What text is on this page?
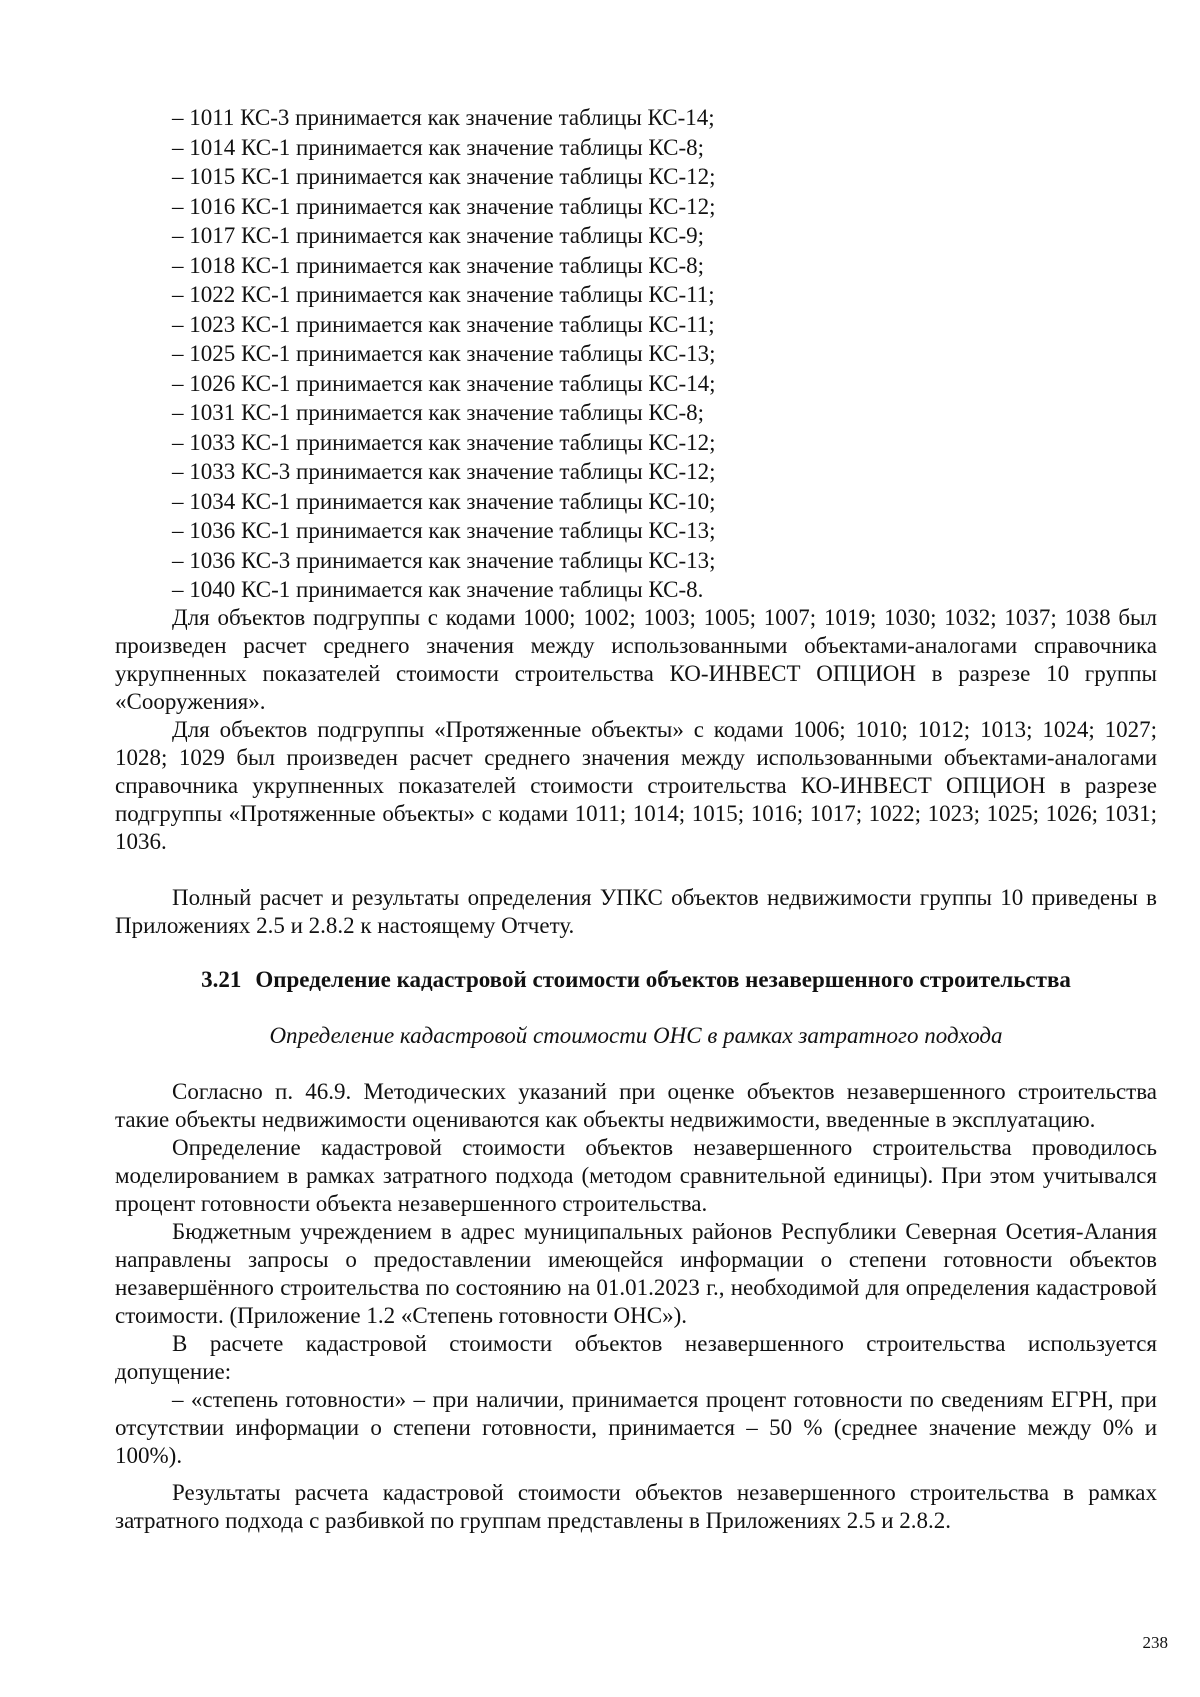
– 1011 КС-3 принимается как значение таблицы КС-14;
– 1014 КС-1 принимается как значение таблицы КС-8;
– 1015 КС-1 принимается как значение таблицы КС-12;
– 1016 КС-1 принимается как значение таблицы КС-12;
– 1017 КС-1 принимается как значение таблицы КС-9;
– 1018 КС-1 принимается как значение таблицы КС-8;
– 1022 КС-1 принимается как значение таблицы КС-11;
– 1023 КС-1 принимается как значение таблицы КС-11;
– 1025 КС-1 принимается как значение таблицы КС-13;
– 1026 КС-1 принимается как значение таблицы КС-14;
– 1031 КС-1 принимается как значение таблицы КС-8;
– 1033 КС-1 принимается как значение таблицы КС-12;
– 1033 КС-3 принимается как значение таблицы КС-12;
– 1034 КС-1 принимается как значение таблицы КС-10;
– 1036 КС-1 принимается как значение таблицы КС-13;
– 1036 КС-3 принимается как значение таблицы КС-13;
– 1040 КС-1 принимается как значение таблицы КС-8.

Для объектов подгруппы с кодами 1000; 1002; 1003; 1005; 1007; 1019; 1030; 1032; 1037; 1038 был произведен расчет среднего значения между использованными объектами-аналогами справочника укрупненных показателей стоимости строительства КО-ИНВЕСТ ОПЦИОН в разрезе 10 группы «Сооружения».

Для объектов подгруппы «Протяженные объекты» с кодами 1006; 1010; 1012; 1013; 1024; 1027; 1028; 1029 был произведен расчет среднего значения между использованными объектами-аналогами справочника укрупненных показателей стоимости строительства КО-ИНВЕСТ ОПЦИОН в разрезе подгруппы «Протяженные объекты» с кодами 1011; 1014; 1015; 1016; 1017; 1022; 1023; 1025; 1026; 1031; 1036.

Полный расчет и результаты определения УПКС объектов недвижимости группы 10 приведены в Приложениях 2.5 и 2.8.2 к настоящему Отчету.

3.21 Определение кадастровой стоимости объектов незавершенного строительства
Определение кадастровой стоимости ОНС в рамках затратного подхода

Согласно п. 46.9. Методических указаний при оценке объектов незавершенного строительства такие объекты недвижимости оцениваются как объекты недвижимости, введенные в эксплуатацию.

Определение кадастровой стоимости объектов незавершенного строительства проводилось моделированием в рамках затратного подхода (методом сравнительной единицы). При этом учитывался процент готовности объекта незавершенного строительства.

Бюджетным учреждением в адрес муниципальных районов Республики Северная Осетия-Алания направлены запросы о предоставлении имеющейся информации о степени готовности объектов незавершённого строительства по состоянию на 01.01.2023 г., необходимой для определения кадастровой стоимости. (Приложение 1.2 «Степень готовности ОНС»).

В расчете кадастровой стоимости объектов незавершенного строительства используется допущение:

– «степень готовности» – при наличии, принимается процент готовности по сведениям ЕГРН, при отсутствии информации о степени готовности, принимается – 50 % (среднее значение между 0% и 100%).

Результаты расчета кадастровой стоимости объектов незавершенного строительства в рамках затратного подхода с разбивкой по группам представлены в Приложениях 2.5 и 2.8.2.

238
